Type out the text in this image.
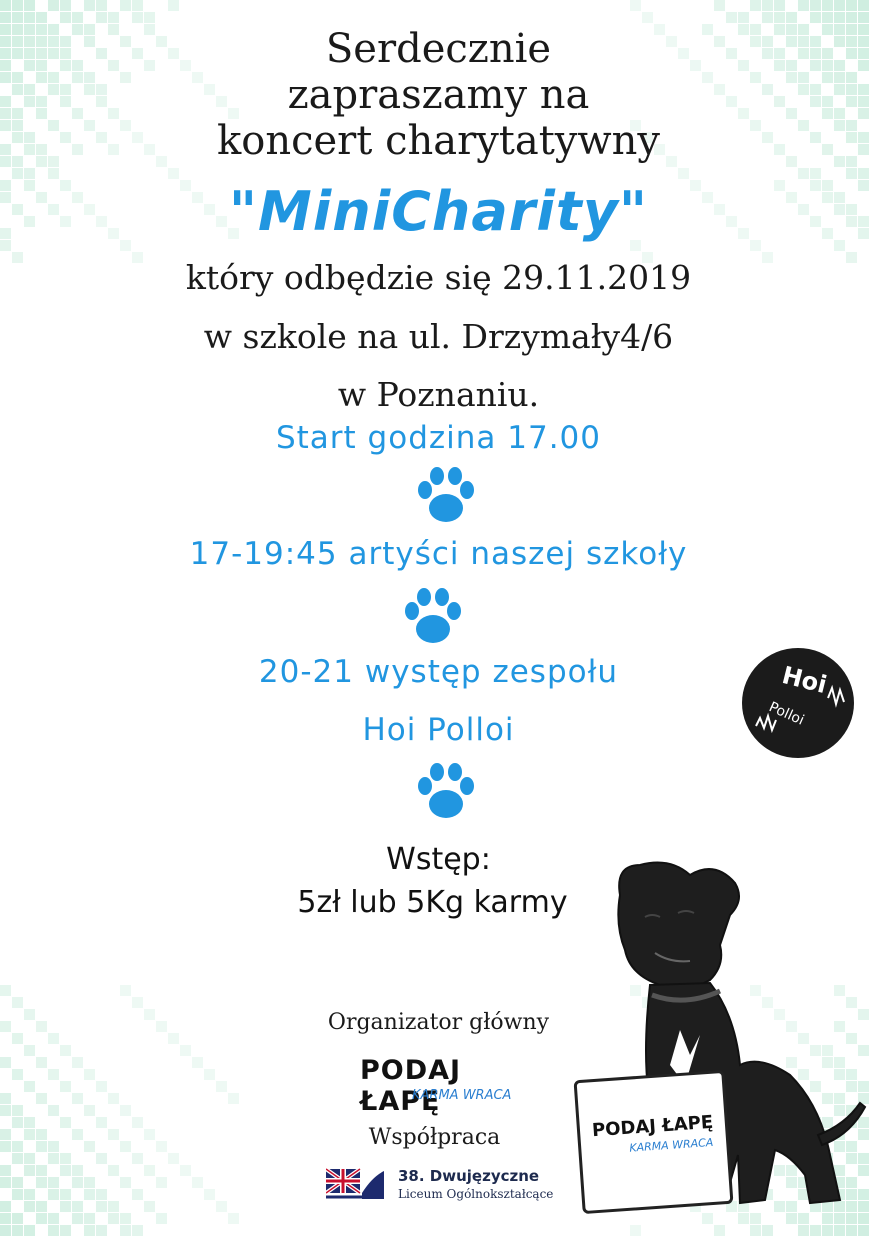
Serdecznie
zapraszamy na
koncert charytatywny
"MiniCharity"
który odbędzie się 29.11.2019
w szkole na ul. Drzymały4/6
w Poznaniu.
Start godzina 17.00
17-19:45 artyści naszej szkoły
20-21 występ zespołu
Hoi Polloi
Hoi
Polloi
Wstęp:
5zł lub 5Kg karmy
Organizator główny
PODAJ ŁAPĘ
KARMA WRACA
Współpraca
38. Dwujęzyczne
Liceum Ogólnokształcące
PODAJ ŁAPĘ
KARMA WRACA
